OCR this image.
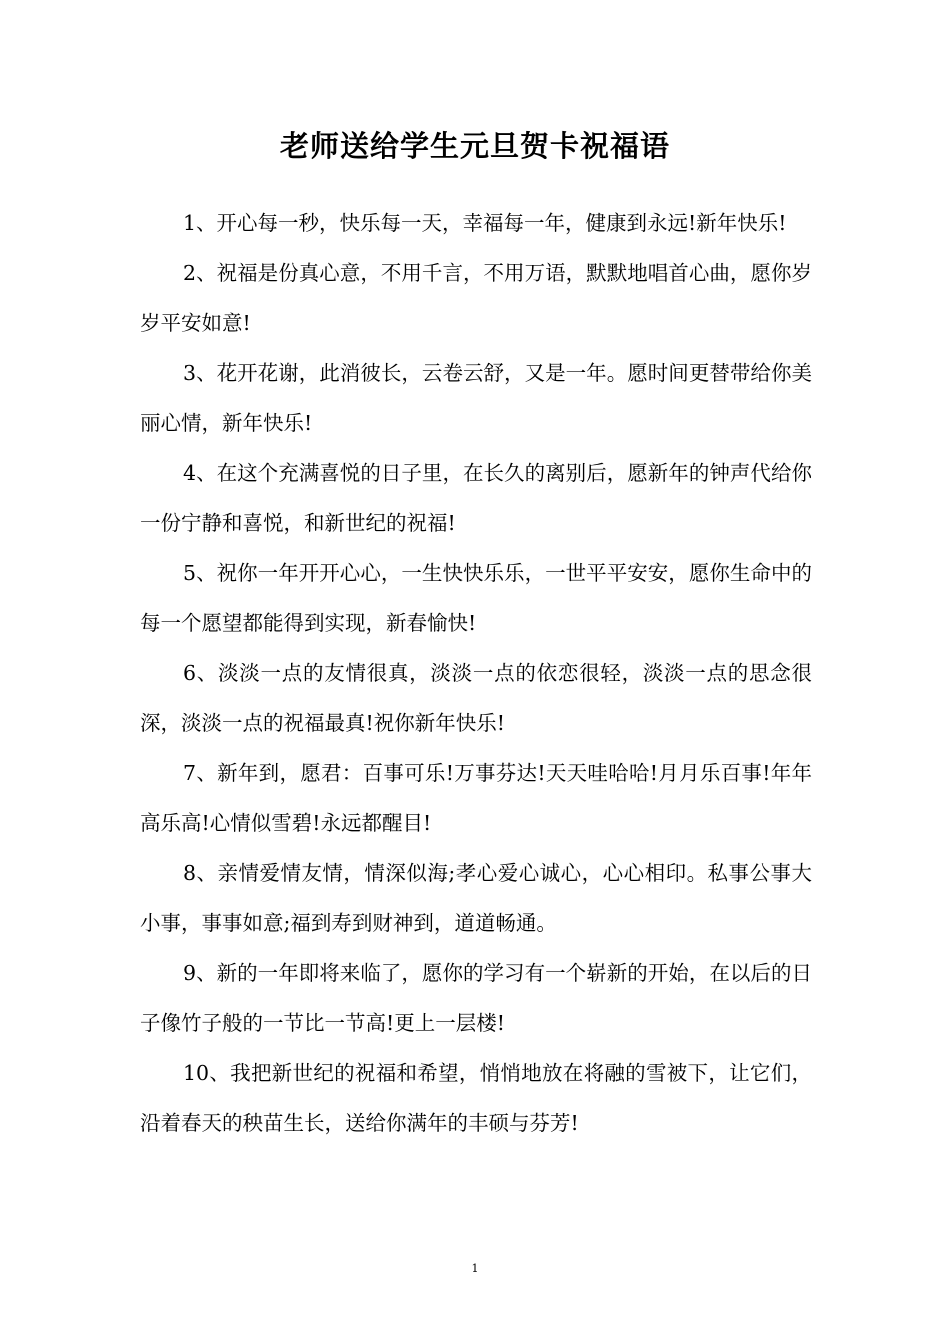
老师送给学生元旦贺卡祝福语

1、开心每一秒，快乐每一天，幸福每一年，健康到永远!新年快乐!

2、祝福是份真心意，不用千言，不用万语，默默地唱首心曲，愿你岁岁平安如意!

3、花开花谢，此消彼长，云卷云舒，又是一年。愿时间更替带给你美丽心情，新年快乐!

4、在这个充满喜悦的日子里，在长久的离别后，愿新年的钟声代给你一份宁静和喜悦，和新世纪的祝福!

5、祝你一年开开心心，一生快快乐乐，一世平平安安，愿你生命中的每一个愿望都能得到实现，新春愉快!

6、淡淡一点的友情很真，淡淡一点的依恋很轻，淡淡一点的思念很深，淡淡一点的祝福最真!祝你新年快乐!

7、新年到，愿君：百事可乐!万事芬达!天天哇哈哈!月月乐百事!年年高乐高!心情似雪碧!永远都醒目!

8、亲情爱情友情，情深似海;孝心爱心诚心，心心相印。私事公事大小事，事事如意;福到寿到财神到，道道畅通。

9、新的一年即将来临了，愿你的学习有一个崭新的开始，在以后的日子像竹子般的一节比一节高!更上一层楼!

10、我把新世纪的祝福和希望，悄悄地放在将融的雪被下，让它们，沿着春天的秧苗生长，送给你满年的丰硕与芬芳!

1
